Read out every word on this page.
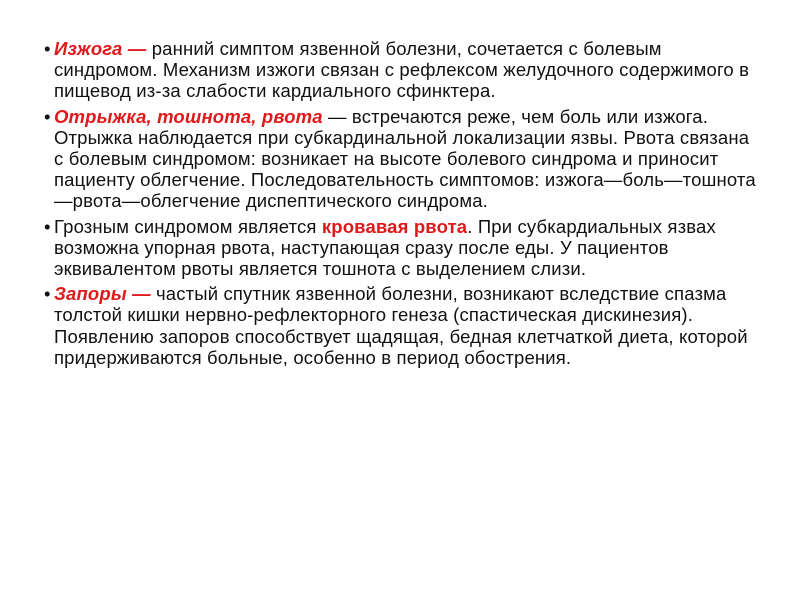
• Изжога — ранний симптом язвенной болезни, сочетается с болевым синдромом. Механизм изжоги связан с рефлексом желудочного содержимого в пищевод из-за слабости кардиального сфинктера.
• Отрыжка, тошнота, рвота — встречаются реже, чем боль или изжога. Отрыжка наблюдается при субкардинальной локализации язвы. Рвота связана с болевым синдромом: возникает на высоте болевого синдрома и приносит пациенту облегчение. Последовательность симптомов: изжога—боль—тошнота—рвота—облегчение диспептического синдрома.
• Грозным синдромом является кровавая рвота. При субкардиальных язвах возможна упорная рвота, наступающая сразу после еды. У пациентов эквивалентом рвоты является тошнота с выделением слизи.
• Запоры — частый спутник язвенной болезни, возникают вследствие спазма толстой кишки нервно-рефлекторного генеза (спастическая дискинезия). Появлению запоров способствует щадящая, бедная клетчаткой диета, которой придерживаются больные, особенно в период обострения.
